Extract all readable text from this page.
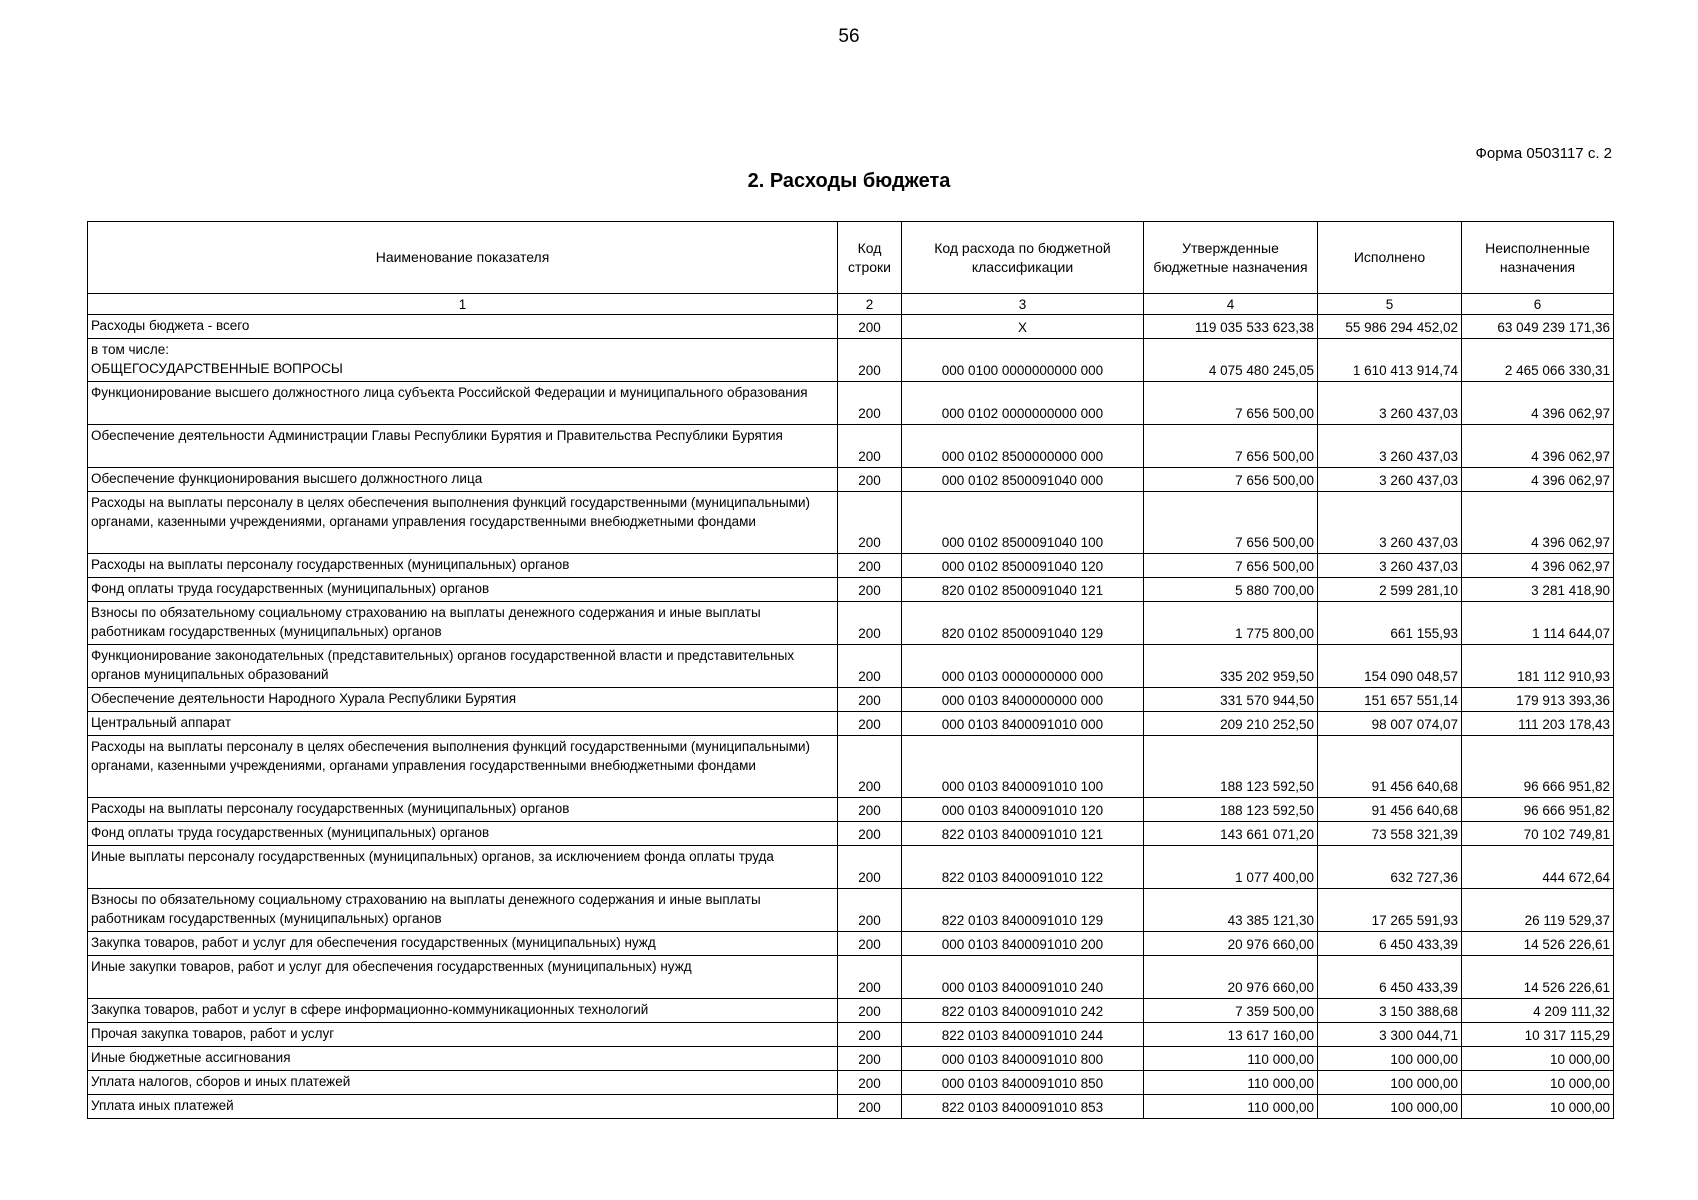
56
Форма 0503117 с. 2
2. Расходы бюджета
Наименование показателя	Код строки	Код расхода по бюджетной классификации	Утвержденные бюджетные назначения	Исполнено	Неисполненные назначения
1	2	3	4	5	6

Расходы бюджета - всего	200	X	119 035 533 623,38	55 986 294 452,02	63 049 239 171,36

в том числе:
ОБЩЕГОСУДАРСТВЕННЫЕ ВОПРОСЫ	200	000 0100 0000000000 000	4 075 480 245,05	1 610 413 914,74	2 465 066 330,31

Функционирование высшего должностного лица субъекта Российской Федерации и муниципального образования	200	000 0102 0000000000 000	7 656 500,00	3 260 437,03	4 396 062,97

Обеспечение деятельности Администрации Главы Республики Бурятия и Правительства Республики Бурятия	200	000 0102 8500000000 000	7 656 500,00	3 260 437,03	4 396 062,97

Обеспечение функционирования высшего должностного лица	200	000 0102 8500091040 000	7 656 500,00	3 260 437,03	4 396 062,97

Расходы на выплаты персоналу в целях обеспечения выполнения функций государственными (муниципальными) органами, казенными учреждениями, органами управления государственными внебюджетными фондами	200	000 0102 8500091040 100	7 656 500,00	3 260 437,03	4 396 062,97

Расходы на выплаты персоналу государственных (муниципальных) органов	200	000 0102 8500091040 120	7 656 500,00	3 260 437,03	4 396 062,97

Фонд оплаты труда государственных (муниципальных) органов	200	820 0102 8500091040 121	5 880 700,00	2 599 281,10	3 281 418,90

Взносы по обязательному социальному страхованию на выплаты денежного содержания и иные выплаты работникам государственных (муниципальных) органов	200	820 0102 8500091040 129	1 775 800,00	661 155,93	1 114 644,07

Функционирование законодательных (представительных) органов государственной власти и представительных органов муниципальных образований	200	000 0103 0000000000 000	335 202 959,50	154 090 048,57	181 112 910,93

Обеспечение деятельности Народного Хурала Республики Бурятия	200	000 0103 8400000000 000	331 570 944,50	151 657 551,14	179 913 393,36

Центральный аппарат	200	000 0103 8400091010 000	209 210 252,50	98 007 074,07	111 203 178,43

Расходы на выплаты персоналу в целях обеспечения выполнения функций государственными (муниципальными) органами, казенными учреждениями, органами управления государственными внебюджетными фондами	200	000 0103 8400091010 100	188 123 592,50	91 456 640,68	96 666 951,82

Расходы на выплаты персоналу государственных (муниципальных) органов	200	000 0103 8400091010 120	188 123 592,50	91 456 640,68	96 666 951,82

Фонд оплаты труда государственных (муниципальных) органов	200	822 0103 8400091010 121	143 661 071,20	73 558 321,39	70 102 749,81

Иные выплаты персоналу государственных (муниципальных) органов, за исключением фонда оплаты труда	200	822 0103 8400091010 122	1 077 400,00	632 727,36	444 672,64

Взносы по обязательному социальному страхованию на выплаты денежного содержания и иные выплаты работникам государственных (муниципальных) органов	200	822 0103 8400091010 129	43 385 121,30	17 265 591,93	26 119 529,37

Закупка товаров, работ и услуг для обеспечения государственных (муниципальных) нужд	200	000 0103 8400091010 200	20 976 660,00	6 450 433,39	14 526 226,61

Иные закупки товаров, работ и услуг для обеспечения государственных (муниципальных) нужд	200	000 0103 8400091010 240	20 976 660,00	6 450 433,39	14 526 226,61

Закупка товаров, работ и услуг в сфере информационно-коммуникационных технологий	200	822 0103 8400091010 242	7 359 500,00	3 150 388,68	4 209 111,32

Прочая закупка товаров, работ и услуг	200	822 0103 8400091010 244	13 617 160,00	3 300 044,71	10 317 115,29

Иные бюджетные ассигнования	200	000 0103 8400091010 800	110 000,00	100 000,00	10 000,00

Уплата налогов, сборов и иных платежей	200	000 0103 8400091010 850	110 000,00	100 000,00	10 000,00

Уплата иных платежей	200	822 0103 8400091010 853	110 000,00	100 000,00	10 000,00
